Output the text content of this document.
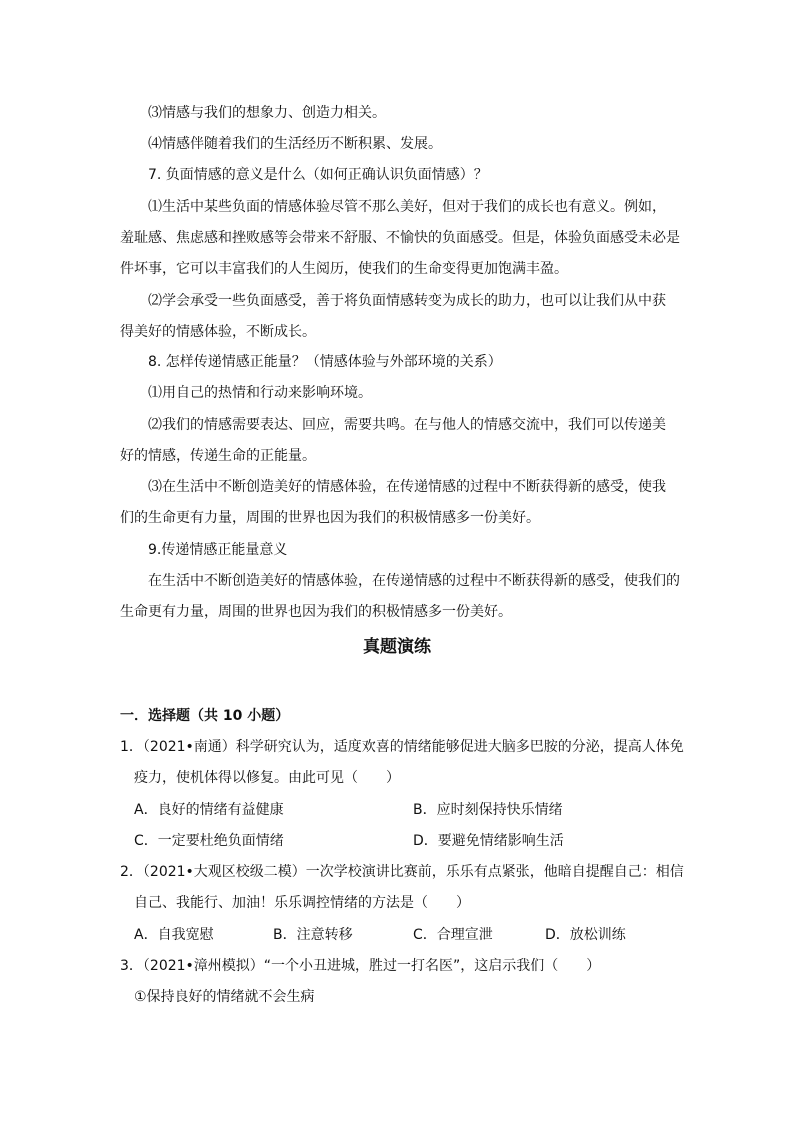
⑶情感与我们的想象力、创造力相关。
⑷情感伴随着我们的生活经历不断积累、发展。
7. 负面情感的意义是什么（如何正确认识负面情感）？
⑴生活中某些负面的情感体验尽管不那么美好，但对于我们的成长也有意义。例如，
羞耻感、焦虑感和挫败感等会带来不舒服、不愉快的负面感受。但是，体验负面感受未必是
件坏事，它可以丰富我们的人生阅历，使我们的生命变得更加饱满丰盈。
⑵学会承受一些负面感受，善于将负面情感转变为成长的助力，也可以让我们从中获
得美好的情感体验，不断成长。
8. 怎样传递情感正能量？（情感体验与外部环境的关系）
⑴用自己的热情和行动来影响环境。
⑵我们的情感需要表达、回应，需要共鸣。在与他人的情感交流中，我们可以传递美
好的情感，传递生命的正能量。
⑶在生活中不断创造美好的情感体验，在传递情感的过程中不断获得新的感受，使我
们的生命更有力量，周围的世界也因为我们的积极情感多一份美好。
9.传递情感正能量意义
在生活中不断创造美好的情感体验，在传递情感的过程中不断获得新的感受，使我们的
生命更有力量，周围的世界也因为我们的积极情感多一份美好。
真题演练
一．选择题（共 10 小题）
1．（2021•南通）科学研究认为，适度欢喜的情绪能够促进大脑多巴胺的分泌，提高人体免
疫力，使机体得以修复。由此可见（　　）
A．良好的情绪有益健康	B．应时刻保持快乐情绪
C．一定要杜绝负面情绪	D．要避免情绪影响生活
2．（2021•大观区校级二模）一次学校演讲比赛前，乐乐有点紧张，他暗自提醒自己：相信
自己、我能行、加油！乐乐调控情绪的方法是（　　）
A．自我宽慰	B．注意转移	C．合理宣泄	D．放松训练
3．（2021•漳州模拟）“一个小丑进城，胜过一打名医”，这启示我们（　　）
①保持良好的情绪就不会生病
